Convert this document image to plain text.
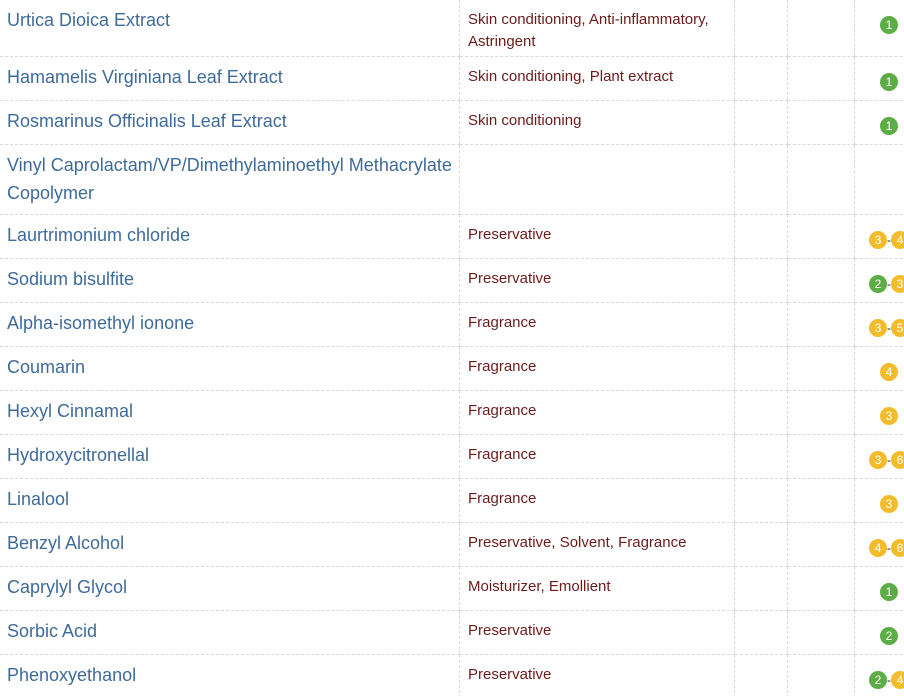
Urtica Dioica Extract	Skin conditioning, Anti-inflammatory, Astringent			1

Hamamelis Virginiana Leaf Extract	Skin conditioning, Plant extract			1

Rosmarinus Officinalis Leaf Extract	Skin conditioning			1

Vinyl Caprolactam/VP/Dimethylaminoethyl Methacrylate Copolymer				

Laurtrimonium chloride	Preservative			3 - 4

Sodium bisulfite	Preservative			2 - 3

Alpha-isomethyl ionone	Fragrance			3 - 5

Coumarin	Fragrance			4

Hexyl Cinnamal	Fragrance			3

Hydroxycitronellal	Fragrance			3 - 6

Linalool	Fragrance			3

Benzyl Alcohol	Preservative, Solvent, Fragrance			4 - 6

Caprylyl Glycol	Moisturizer, Emollient			1

Sorbic Acid	Preservative			2

Phenoxyethanol	Preservative			2 - 4
